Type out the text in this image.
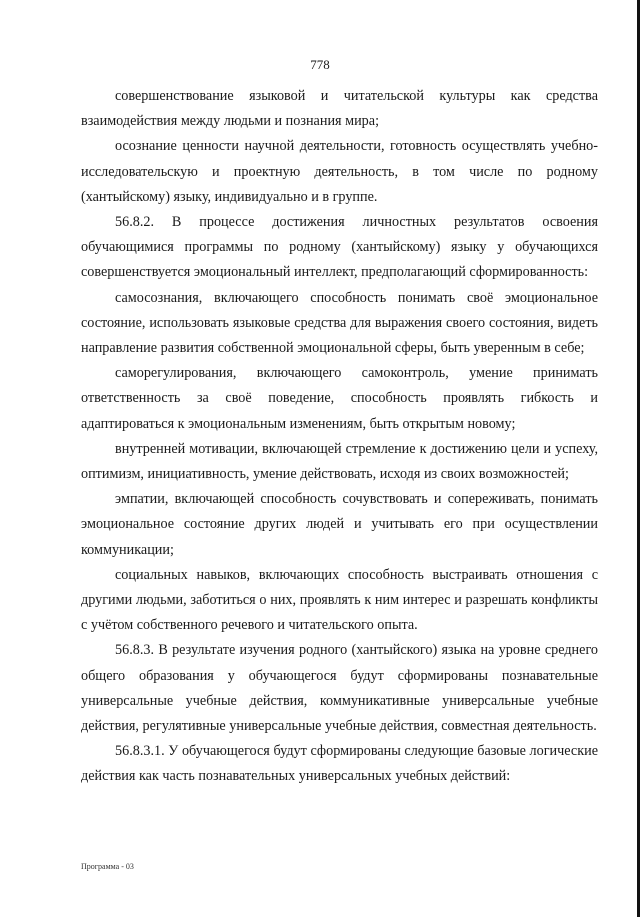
778

совершенствование языковой и читательской культуры как средства взаимодействия между людьми и познания мира;

осознание ценности научной деятельности, готовность осуществлять учебно-исследовательскую и проектную деятельность, в том числе по родному (хантыйскому) языку, индивидуально и в группе.

56.8.2. В процессе достижения личностных результатов освоения обучающимися программы по родному (хантыйскому) языку у обучающихся совершенствуется эмоциональный интеллект, предполагающий сформированность:

самосознания, включающего способность понимать своё эмоциональное состояние, использовать языковые средства для выражения своего состояния, видеть направление развития собственной эмоциональной сферы, быть уверенным в себе;

саморегулирования, включающего самоконтроль, умение принимать ответственность за своё поведение, способность проявлять гибкость и адаптироваться к эмоциональным изменениям, быть открытым новому;

внутренней мотивации, включающей стремление к достижению цели и успеху, оптимизм, инициативность, умение действовать, исходя из своих возможностей;

эмпатии, включающей способность сочувствовать и сопереживать, понимать эмоциональное состояние других людей и учитывать его при осуществлении коммуникации;

социальных навыков, включающих способность выстраивать отношения с другими людьми, заботиться о них, проявлять к ним интерес и разрешать конфликты с учётом собственного речевого и читательского опыта.

56.8.3. В результате изучения родного (хантыйского) языка на уровне среднего общего образования у обучающегося будут сформированы познавательные универсальные учебные действия, коммуникативные универсальные учебные действия, регулятивные универсальные учебные действия, совместная деятельность.

56.8.3.1. У обучающегося будут сформированы следующие базовые логические действия как часть познавательных универсальных учебных действий:

Программа - 03
